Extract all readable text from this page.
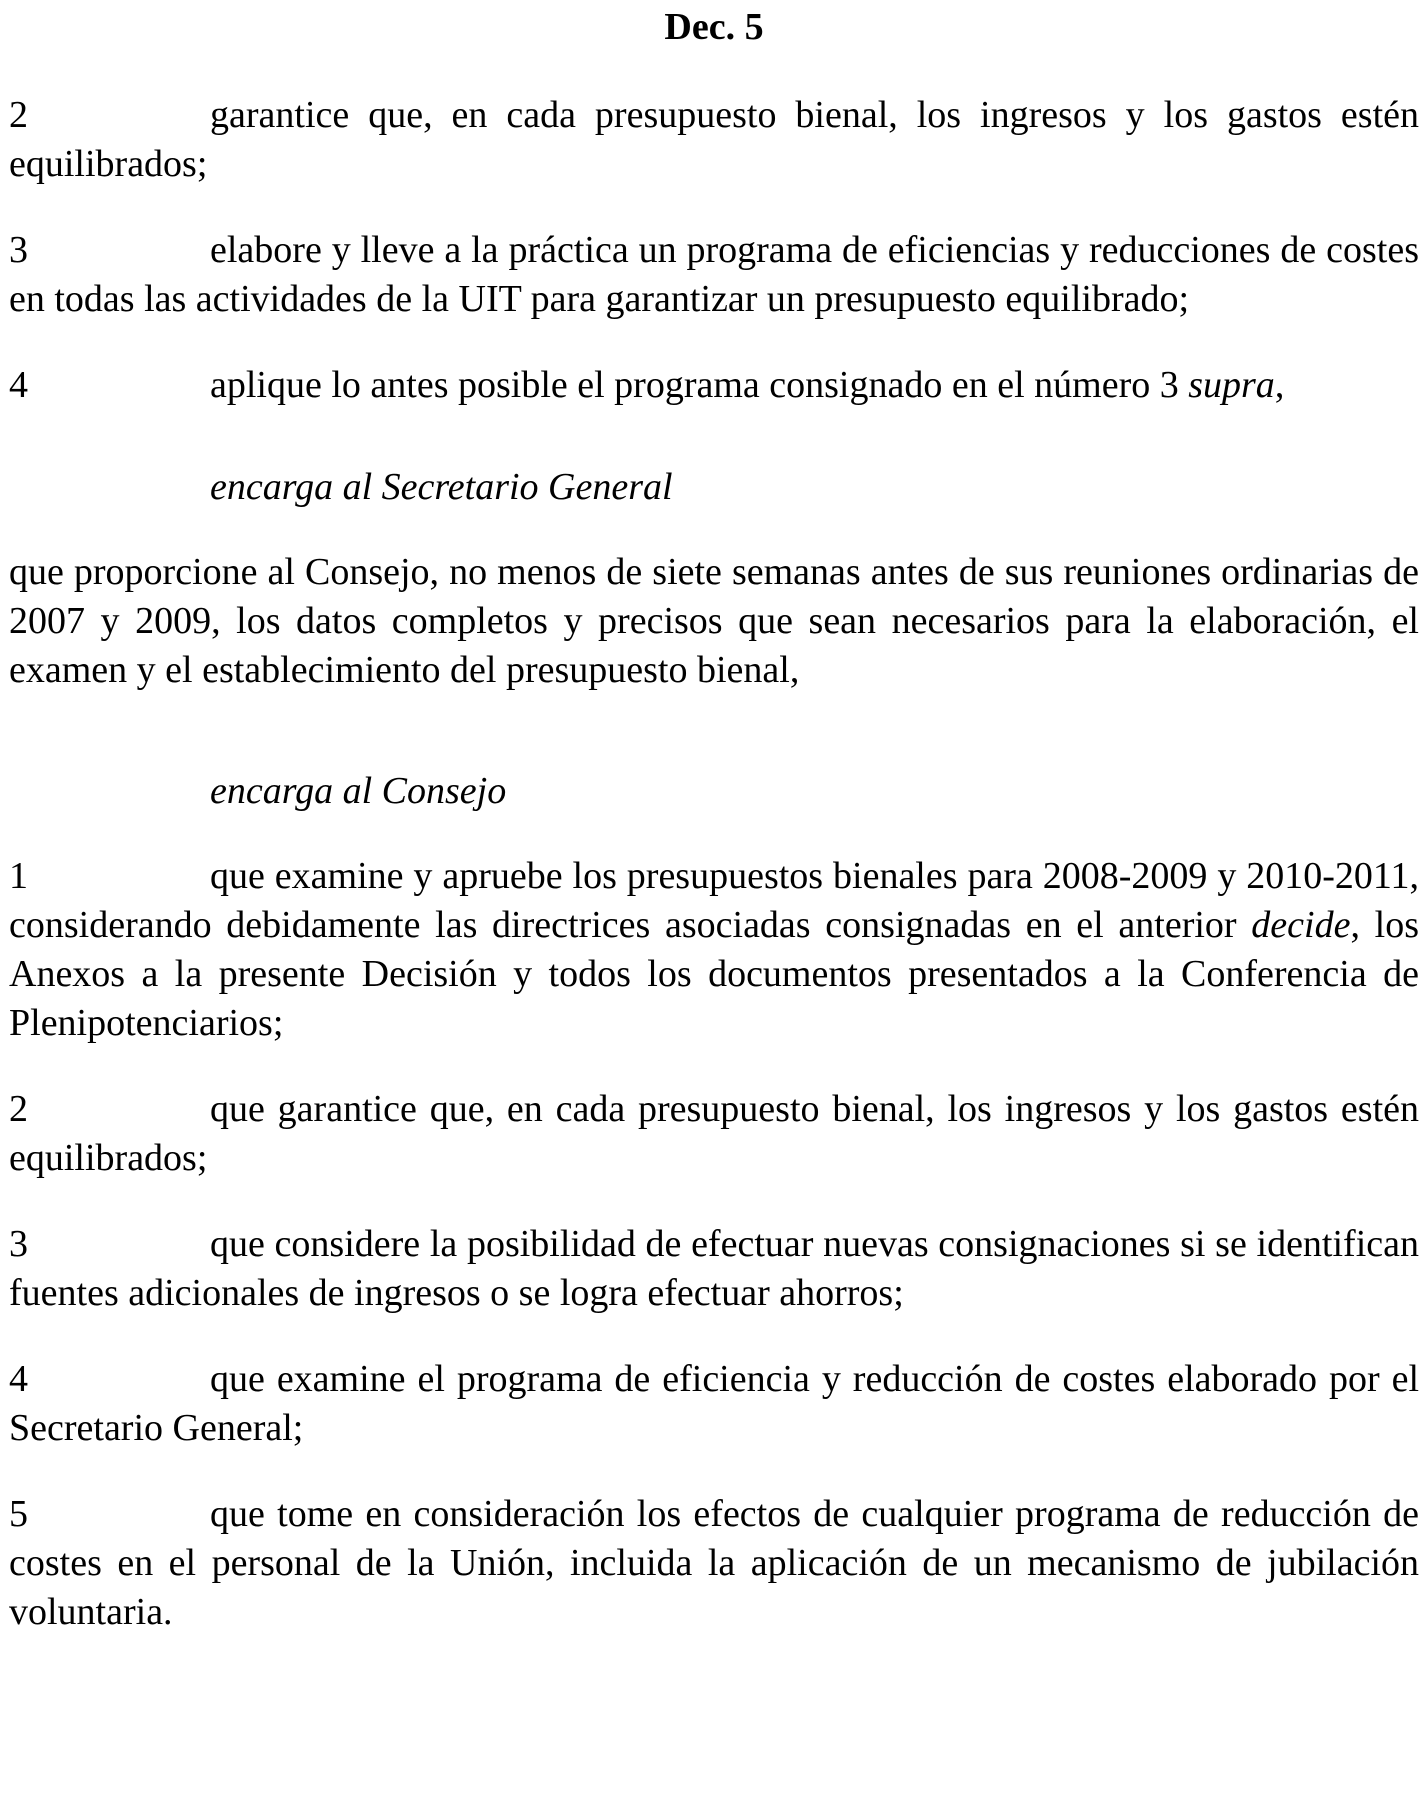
Dec. 5

2	garantice que, en cada presupuesto bienal, los ingresos y los gastos estén equilibrados;

3	elabore y lleve a la práctica un programa de eficiencias y reducciones de costes en todas las actividades de la UIT para garantizar un presupuesto equilibrado;

4	aplique lo antes posible el programa consignado en el número 3 supra,

encarga al Secretario General

que proporcione al Consejo, no menos de siete semanas antes de sus reuniones ordinarias de 2007 y 2009, los datos completos y precisos que sean necesarios para la elaboración, el examen y el establecimiento del presupuesto bienal,

encarga al Consejo

1	que examine y apruebe los presupuestos bienales para 2008-2009 y 2010-2011, considerando debidamente las directrices asociadas consignadas en el anterior decide, los Anexos a la presente Decisión y todos los documentos presentados a la Conferencia de Plenipotenciarios;

2	que garantice que, en cada presupuesto bienal, los ingresos y los gastos estén equilibrados;

3	que considere la posibilidad de efectuar nuevas consignaciones si se identifican fuentes adicionales de ingresos o se logra efectuar ahorros;

4	que examine el programa de eficiencia y reducción de costes elaborado por el Secretario General;

5	que tome en consideración los efectos de cualquier programa de reducción de costes en el personal de la Unión, incluida la aplicación de un mecanismo de jubilación voluntaria.
